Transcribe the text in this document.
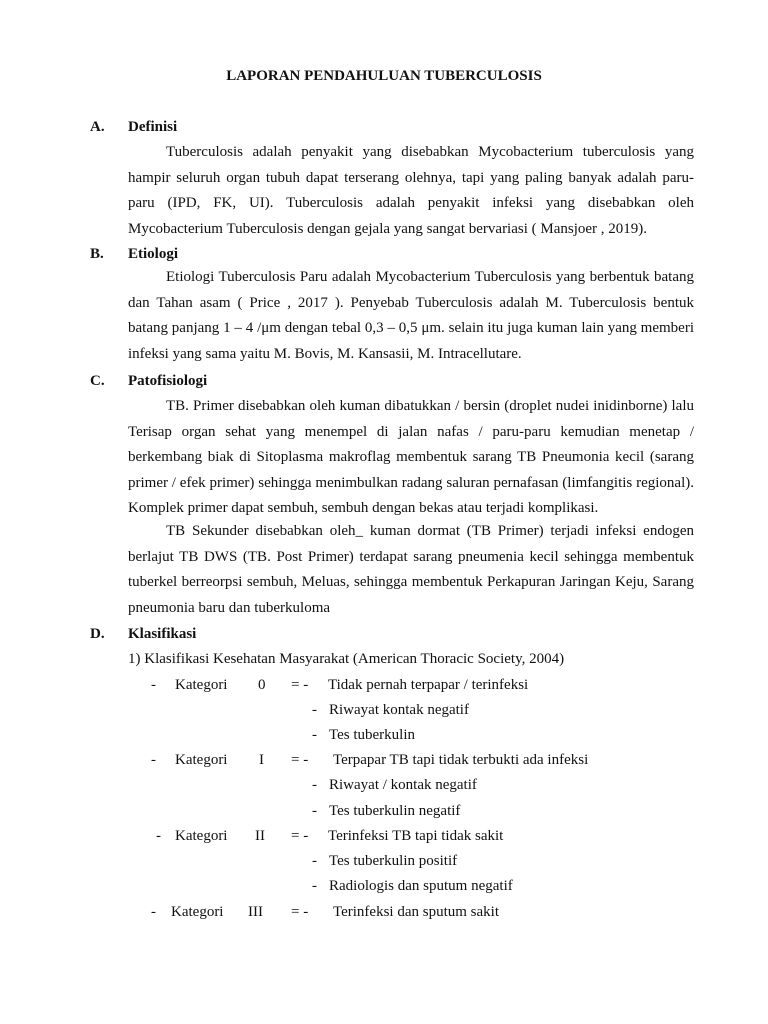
LAPORAN PENDAHULUAN TUBERCULOSIS
A. Definisi

Tuberculosis adalah penyakit yang disebabkan Mycobacterium tuberculosis yang hampir seluruh organ tubuh dapat terserang olehnya, tapi yang paling banyak adalah paru-paru (IPD, FK, UI). Tuberculosis adalah penyakit infeksi yang disebabkan oleh Mycobacterium Tuberculosis dengan gejala yang sangat bervariasi ( Mansjoer , 2019).

B. Etiologi

Etiologi Tuberculosis Paru adalah Mycobacterium Tuberculosis yang berbentuk batang dan Tahan asam ( Price , 2017 ). Penyebab Tuberculosis adalah M. Tuberculosis bentuk batang panjang 1 – 4 /μm dengan tebal 0,3 – 0,5 μm. selain itu juga kuman lain yang memberi infeksi yang sama yaitu M. Bovis, M. Kansasii, M. Intracellutare.

C. Patofisiologi

TB. Primer disebabkan oleh kuman dibatukkan / bersin (droplet nudei inidinborne) lalu Terisap organ sehat yang menempel di jalan nafas / paru-paru kemudian menetap / berkembang biak di Sitoplasma makroflag membentuk sarang TB Pneumonia kecil (sarang primer / efek primer) sehingga menimbulkan radang saluran pernafasan (limfangitis regional). Komplek primer dapat sembuh, sembuh dengan bekas atau terjadi komplikasi.

TB Sekunder disebabkan oleh_ kuman dormat (TB Primer) terjadi infeksi endogen berlajut TB DWS (TB. Post Primer) terdapat sarang pneumenia kecil sehingga membentuk tuberkel berreorpsi sembuh, Meluas, sehingga membentuk Perkapuran Jaringan Keju, Sarang pneumonia baru dan tuberkuloma

D. Klasifikasi
1) Klasifikasi Kesehatan Masyarakat (American Thoracic Society, 2004)
- Kategori 0 = - Tidak pernah terpapar / terinfeksi
- Riwayat kontak negatif
- Tes tuberkulin
- Kategori I = - Terpapar TB tapi tidak terbukti ada infeksi
- Riwayat / kontak negatif
- Tes tuberkulin negatif
- Kategori II = - Terinfeksi TB tapi tidak sakit
- Tes tuberkulin positif
- Radiologis dan sputum negatif
- Kategori III = - Terinfeksi dan sputum sakit
